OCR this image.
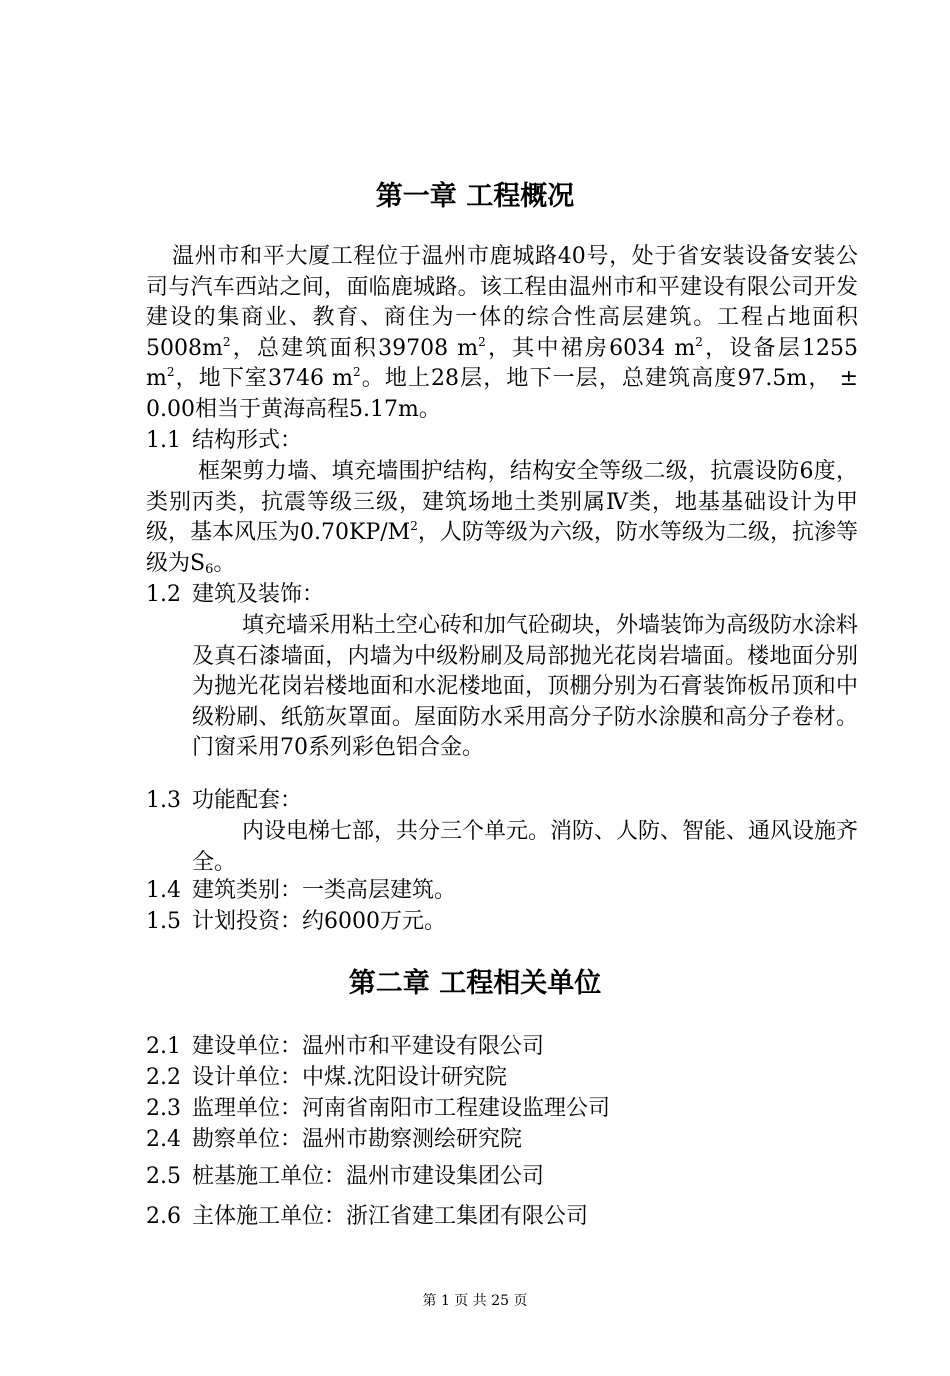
第一章 工程概况

温州市和平大厦工程位于温州市鹿城路40号，处于省安装设备安装公司与汽车西站之间，面临鹿城路。该工程由温州市和平建设有限公司开发建设的集商业、教育、商住为一体的综合性高层建筑。工程占地面积$5008m^2$，总建筑面积39708 $m^2$，其中裙房6034 $m^2$，设备层1255 $m^2$，地下室3746 $m^2$。地上28层，地下一层，总建筑高度97.5m， ± 0.00相当于黄海高程5.17m。

1.1 结构形式：

框架剪力墙、填充墙围护结构，结构安全等级二级，抗震设防6度，类别丙类，抗震等级三级，建筑场地土类别属Ⅳ类，地基基础设计为甲级，基本风压为$0.70KP/M^2$，人防等级为六级，防水等级为二级，抗渗等级为$S_6$。

1.2 建筑及装饰：

填充墙采用粘土空心砖和加气砼砌块，外墙装饰为高级防水涂料及真石漆墙面，内墙为中级粉刷及局部抛光花岗岩墙面。楼地面分别为抛光花岗岩楼地面和水泥楼地面，顶棚分别为石膏装饰板吊顶和中级粉刷、纸筋灰罩面。屋面防水采用高分子防水涂膜和高分子卷材。门窗采用70系列彩色铝合金。

1.3 功能配套：

内设电梯七部，共分三个单元。消防、人防、智能、通风设施齐全。

1.4 建筑类别：一类高层建筑。
1.5 计划投资：约6000万元。
第二章 工程相关单位
2.1 建设单位：温州市和平建设有限公司
2.2 设计单位：中煤.沈阳设计研究院
2.3 监理单位：河南省南阳市工程建设监理公司
2.4 勘察单位：温州市勘察测绘研究院
2.5 桩基施工单位：温州市建设集团公司
2.6 主体施工单位：浙江省建工集团有限公司
第 1 页 共 25 页
